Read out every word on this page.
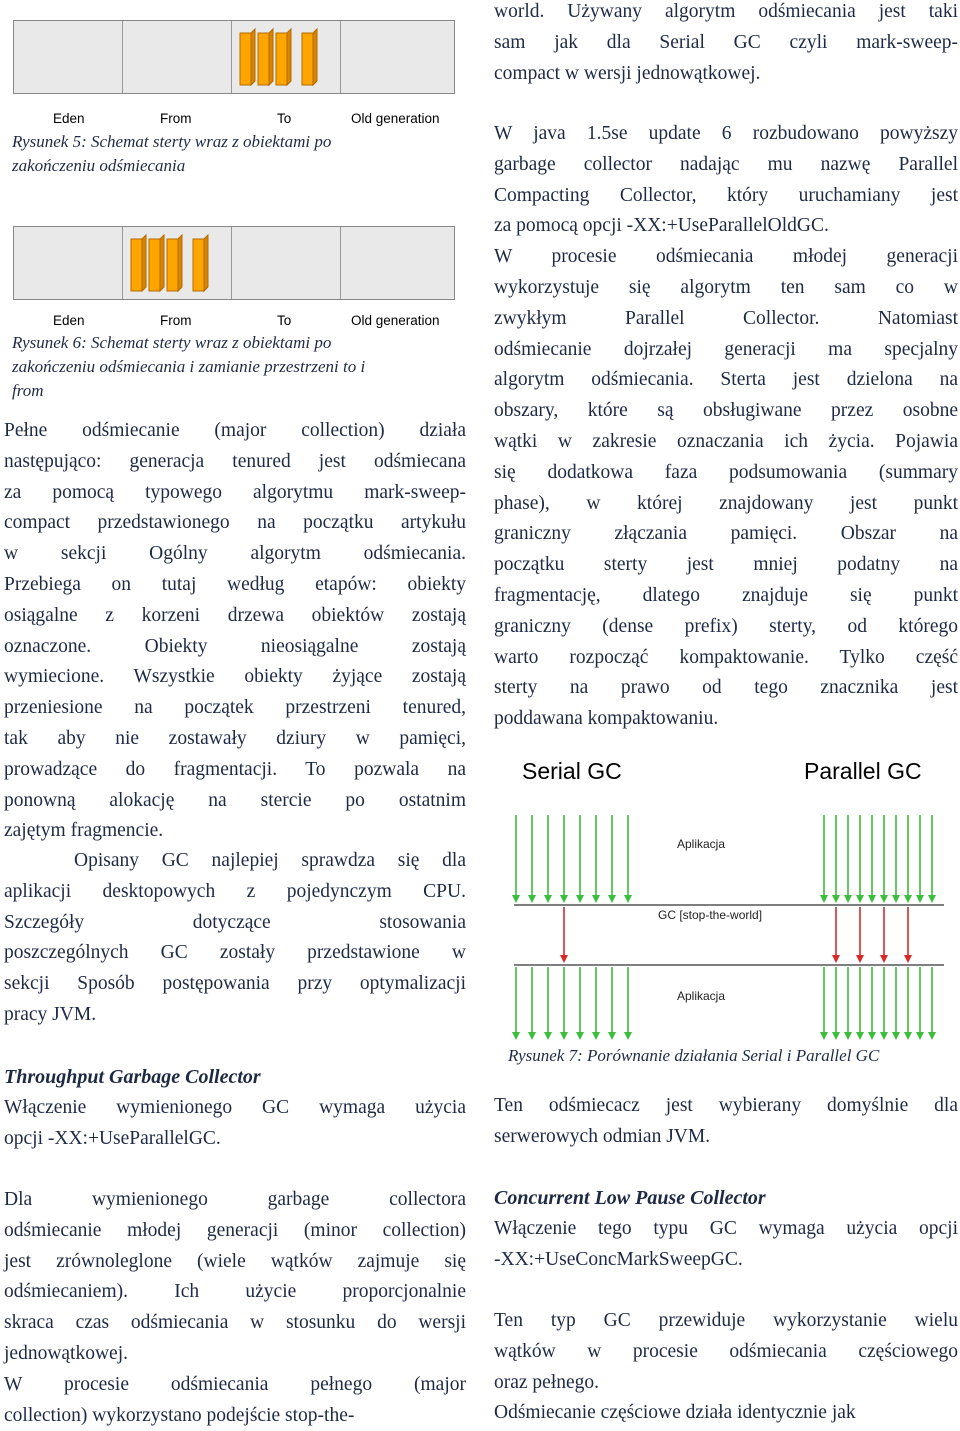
Eden	From	To	Old generation
Rysunek 5: Schemat sterty wraz z obiektami po
zakończeniu odśmiecania
Eden	From	To	Old generation
Rysunek 6: Schemat sterty wraz z obiektami po
zakończeniu odśmiecania i zamianie przestrzeni to i
from
Pełne odśmiecanie (major collection) działa
następująco: generacja tenured jest odśmiecana
za pomocą typowego algorytmu mark-sweep-
compact przedstawionego na początku artykułu
w sekcji Ogólny algorytm odśmiecania.
Przebiega on tutaj według etapów: obiekty
osiągalne z korzeni drzewa obiektów zostają
oznaczone. Obiekty nieosiągalne zostają
wymiecione. Wszystkie obiekty żyjące zostają
przeniesione na początek przestrzeni tenured,
tak aby nie zostawały dziury w pamięci,
prowadzące do fragmentacji. To pozwala na
ponowną alokację na stercie po ostatnim
zajętym fragmencie.
Opisany GC najlepiej sprawdza się dla
aplikacji desktopowych z pojedynczym CPU.
Szczegóły dotyczące stosowania
poszczególnych GC zostały przedstawione w
sekcji Sposób postępowania przy optymalizacji
pracy JVM.
Throughput Garbage Collector
Włączenie wymienionego GC wymaga użycia
opcji -XX:+UseParallelGC.
Dla wymienionego garbage collectora
odśmiecanie młodej generacji (minor collection)
jest zrównoleglone (wiele wątków zajmuje się
odśmiecaniem). Ich użycie proporcjonalnie
skraca czas odśmiecania w stosunku do wersji
jednowątkowej.
W procesie odśmiecania pełnego (major
collection) wykorzystano podejście stop-the-
world. Używany algorytm odśmiecania jest taki
sam jak dla Serial GC czyli mark-sweep-
compact w wersji jednowątkowej.
W java 1.5se update 6 rozbudowano powyższy
garbage collector nadając mu nazwę Parallel
Compacting Collector, który uruchamiany jest
za pomocą opcji -XX:+UseParallelOldGC.
W procesie odśmiecania młodej generacji
wykorzystuje się algorytm ten sam co w
zwykłym Parallel Collector. Natomiast
odśmiecanie dojrzałej generacji ma specjalny
algorytm odśmiecania. Sterta jest dzielona na
obszary, które są obsługiwane przez osobne
wątki w zakresie oznaczania ich życia. Pojawia
się dodatkowa faza podsumowania (summary
phase), w której znajdowany jest punkt
graniczny złączania pamięci. Obszar na
początku sterty jest mniej podatny na
fragmentację, dlatego znajduje się punkt
graniczny (dense prefix) sterty, od którego
warto rozpocząć kompaktowanie. Tylko część
sterty na prawo od tego znacznika jest
poddawana kompaktowaniu.
Serial GC	Parallel GC
Aplikacja
GC [stop-the-world]
Aplikacja
Rysunek 7: Porównanie działania Serial i Parallel GC
Ten odśmiecacz jest wybierany domyślnie dla
serwerowych odmian JVM.
Concurrent Low Pause Collector
Włączenie tego typu GC wymaga użycia opcji
-XX:+UseConcMarkSweepGC.
Ten typ GC przewiduje wykorzystanie wielu
wątków w procesie odśmiecania częściowego
oraz pełnego.
Odśmiecanie częściowe działa identycznie jak
